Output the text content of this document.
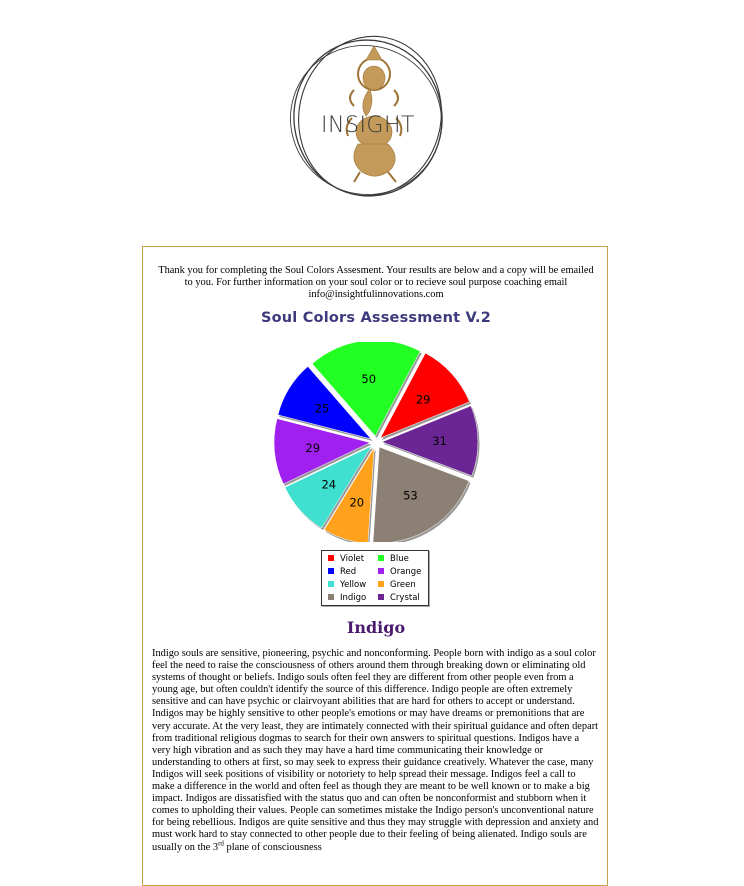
INSIGHT
Thank you for completing the Soul Colors Assesment. Your results are below and a copy will be emailed to you. For further information on your soul color or to recieve soul purpose coaching email info@insightfulinnovations.com
Soul Colors Assessment V.2
29
31
53
20
24
29
25
50
Violet	Blue
Red	Orange
Yellow	Green
Indigo	Crystal
Indigo
Indigo souls are sensitive, pioneering, psychic and nonconforming. People born with indigo as a soul color feel the need to raise the consciousness of others around them through breaking down or eliminating old systems of thought or beliefs. Indigo souls often feel they are different from other people even from a young age, but often couldn't identify the source of this difference. Indigo people are often extremely sensitive and can have psychic or clairvoyant abilities that are hard for others to accept or understand. Indigos may be highly sensitive to other people's emotions or may have dreams or premonitions that are very accurate. At the very least, they are intimately connected with their spiritual guidance and often depart from traditional religious dogmas to search for their own answers to spiritual questions. Indigos have a very high vibration and as such they may have a hard time communicating their knowledge or understanding to others at first, so may seek to express their guidance creatively. Whatever the case, many Indigos will seek positions of visibility or notoriety to help spread their message. Indigos feel a call to make a difference in the world and often feel as though they are meant to be well known or to make a big impact. Indigos are dissatisfied with the status quo and can often be nonconformist and stubborn when it comes to upholding their values. People can sometimes mistake the Indigo person's unconventional nature for being rebellious. Indigos are quite sensitive and thus they may struggle with depression and anxiety and must work hard to stay connected to other people due to their feeling of being alienated. Indigo souls are usually on the 3rd plane of consciousness
